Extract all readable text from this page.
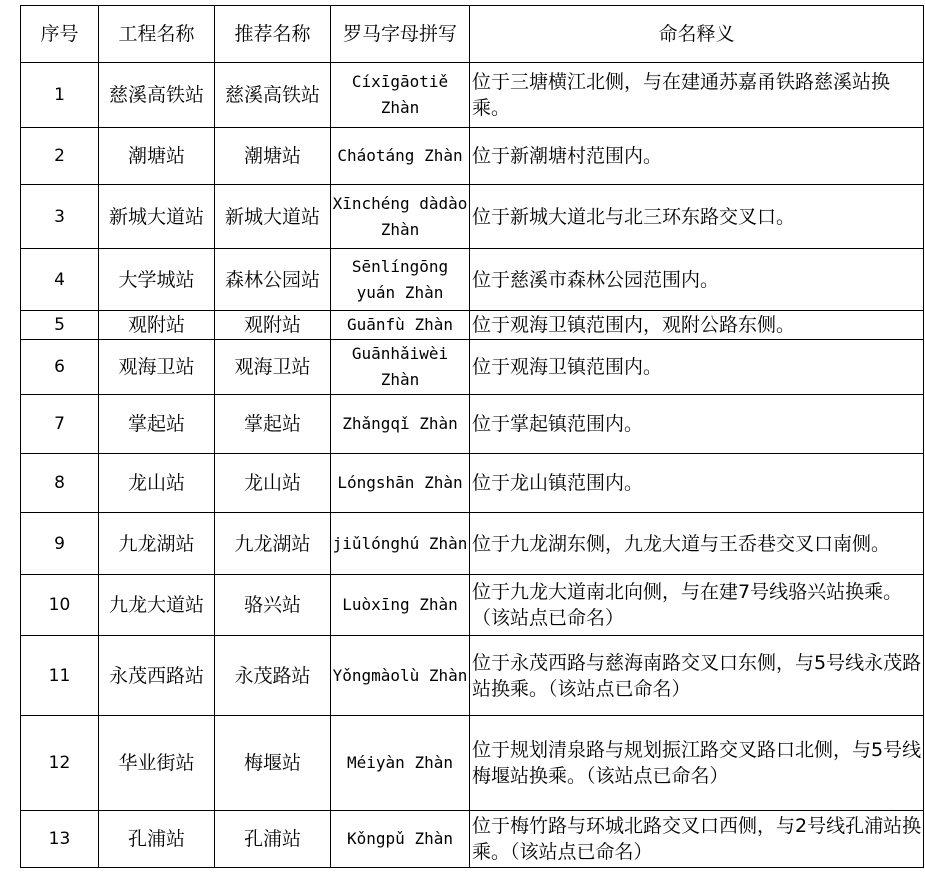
序号	工程名称	推荐名称	罗马字母拼写	命名释义
1	慈溪高铁站	慈溪高铁站	Cíxīgāotiě Zhàn	位于三塘横江北侧，与在建通苏嘉甬铁路慈溪站换乘。
2	潮塘站	潮塘站	Cháotáng Zhàn	位于新潮塘村范围内。
3	新城大道站	新城大道站	Xīnchéng dàdào Zhàn	位于新城大道北与北三环东路交叉口。
4	大学城站	森林公园站	Sēnlíngōng yuán Zhàn	位于慈溪市森林公园范围内。
5	观附站	观附站	Guānfù Zhàn	位于观海卫镇范围内，观附公路东侧。
6	观海卫站	观海卫站	Guānhǎiwèi Zhàn	位于观海卫镇范围内。
7	掌起站	掌起站	Zhǎngqǐ Zhàn	位于掌起镇范围内。
8	龙山站	龙山站	Lóngshān Zhàn	位于龙山镇范围内。
9	九龙湖站	九龙湖站	jiǔlónghú Zhàn	位于九龙湖东侧，九龙大道与王岙巷交叉口南侧。
10	九龙大道站	骆兴站	Luòxīng Zhàn	位于九龙大道南北向侧，与在建7号线骆兴站换乘。（该站点已命名）
11	永茂西路站	永茂路站	Yǒngmàolù Zhàn	位于永茂西路与慈海南路交叉口东侧，与5号线永茂路站换乘。（该站点已命名）
12	华业街站	梅堰站	Méiyàn Zhàn	位于规划清泉路与规划振江路交叉路口北侧，与5号线梅堰站换乘。（该站点已命名）
13	孔浦站	孔浦站	Kǒngpǔ Zhàn	位于梅竹路与环城北路交叉口西侧，与2号线孔浦站换乘。（该站点已命名）
